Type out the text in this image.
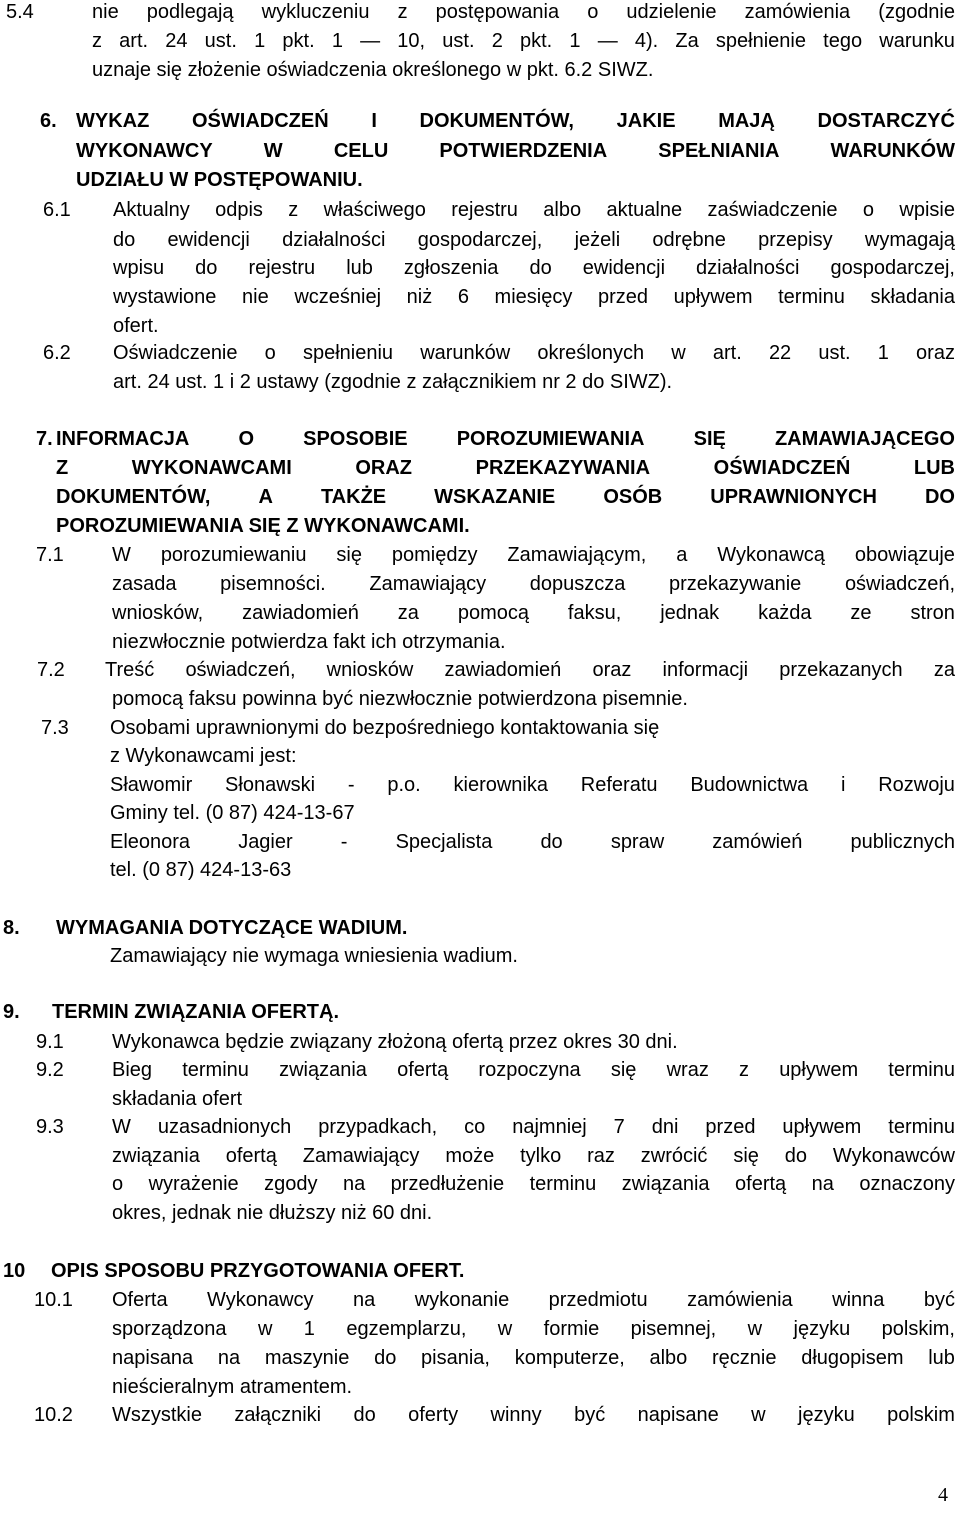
5.4	nie podlegają wykluczeniu z postępowania o udzielenie zamówienia (zgodnie
z art. 24 ust. 1 pkt. 1 — 10, ust. 2 pkt. 1 — 4). Za spełnienie tego warunku
uznaje się złożenie oświadczenia określonego w pkt. 6.2 SIWZ.
6. WYKAZ OŚWIADCZEŃ I DOKUMENTÓW, JAKIE MAJĄ DOSTARCZYĆ
WYKONAWCY	W	CELU	POTWIERDZENIA	SPEŁNIANIA	WARUNKÓW
UDZIAŁU W POSTĘPOWANIU.
6.1 Aktualny odpis z właściwego rejestru albo aktualne zaświadczenie o wpisie
do ewidencji działalności gospodarczej, jeżeli odrębne przepisy wymagają
wpisu do rejestru lub zgłoszenia do ewidencji działalności gospodarczej,
wystawione nie wcześniej niż 6 miesięcy przed upływem terminu składania
ofert.
6.2 Oświadczenie o spełnieniu warunków określonych w art. 22 ust. 1 oraz
art. 24 ust. 1 i 2 ustawy (zgodnie z załącznikiem nr 2 do SIWZ).
7. INFORMACJA O SPOSOBIE POROZUMIEWANIA SIĘ ZAMAWIAJĄCEGO
Z	WYKONAWCAMI	ORAZ	PRZEKAZYWANIA	OŚWIADCZEŃ	LUB
DOKUMENTÓW, A TAKŻE WSKAZANIE OSÓB UPRAWNIONYCH DO
POROZUMIEWANIA SIĘ Z WYKONAWCAMI.
7.1 W porozumiewaniu się pomiędzy Zamawiającym, a Wykonawcą obowiązuje
zasada pisemności. Zamawiający dopuszcza przekazywanie oświadczeń,
wniosków, zawiadomień za pomocą faksu, jednak każda ze stron
niezwłocznie potwierdza fakt ich otrzymania.
7.2 Treść oświadczeń, wniosków zawiadomień oraz informacji przekazanych za
pomocą faksu powinna być niezwłocznie potwierdzona pisemnie.
7.3 Osobami uprawnionymi do bezpośredniego kontaktowania się
z Wykonawcami jest:
Sławomir Słonawski - p.o. kierownika Referatu Budownictwa i Rozwoju
Gminy tel. (0 87) 424-13-67
Eleonora Jagier - Specjalista do spraw zamówień publicznych
tel. (0 87) 424-13-63
8. WYMAGANIA DOTYCZĄCE WADIUM.
Zamawiający nie wymaga wniesienia wadium.
9. TERMIN ZWIĄZANIA OFERTĄ.
9.1 Wykonawca będzie związany złożoną ofertą przez okres 30 dni.
9.2 Bieg terminu związania ofertą rozpoczyna się wraz z upływem terminu
składania ofert
9.3 W uzasadnionych przypadkach, co najmniej 7 dni przed upływem terminu
związania ofertą Zamawiający może tylko raz zwrócić się do Wykonawców
o wyrażenie zgody na przedłużenie terminu związania ofertą na oznaczony
okres, jednak nie dłuższy niż 60 dni.
10 OPIS SPOSOBU PRZYGOTOWANIA OFERT.
10.1 Oferta Wykonawcy na wykonanie przedmiotu zamówienia winna być
sporządzona w 1 egzemplarzu, w formie pisemnej, w języku polskim,
napisana na maszynie do pisania, komputerze, albo ręcznie długopisem lub
nieścieralnym atramentem.
10.2 Wszystkie załączniki do oferty winny być napisane w języku polskim
4
